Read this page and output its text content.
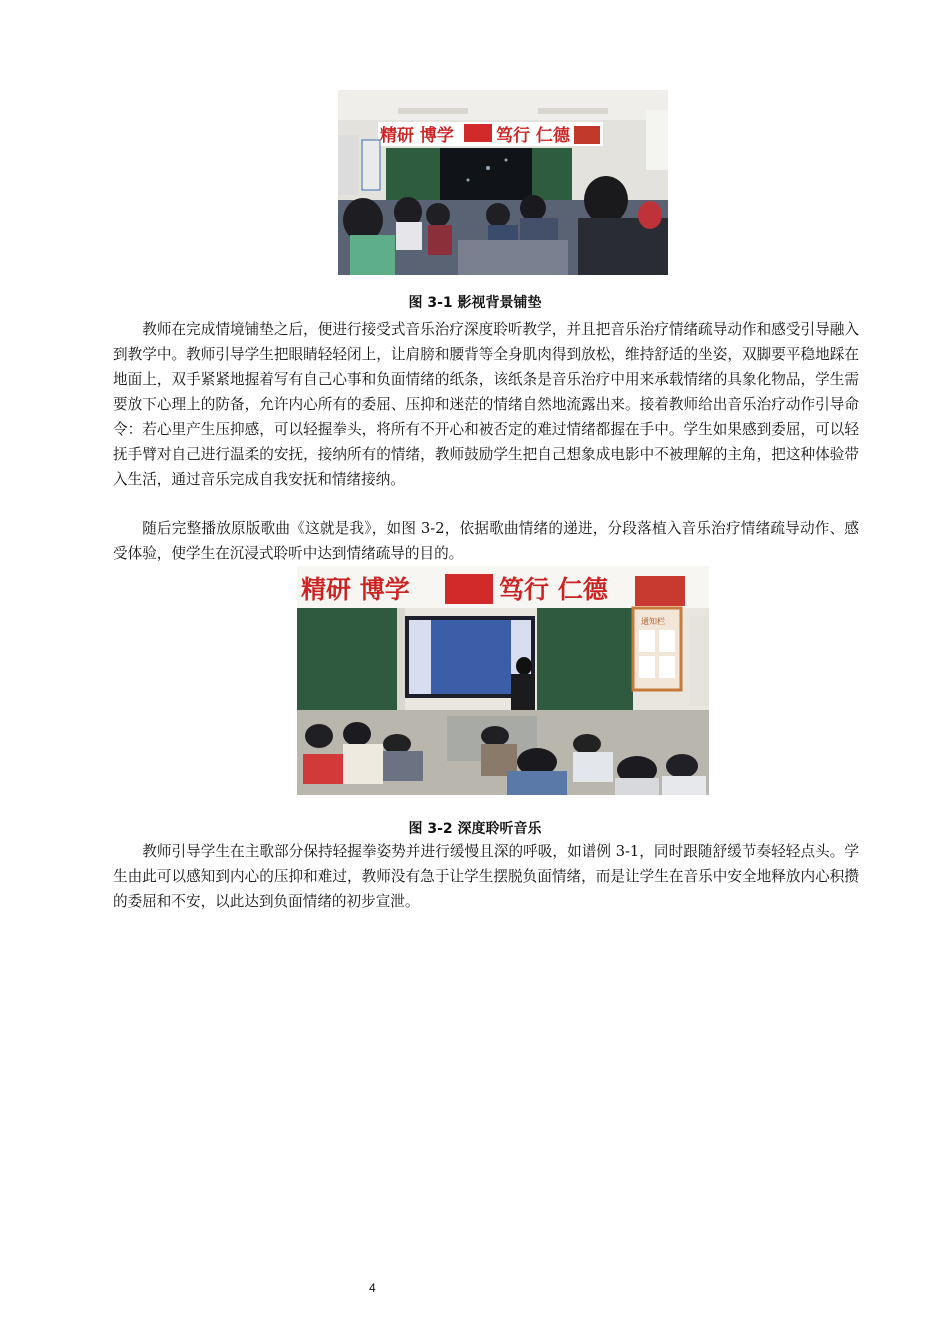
精研 博学 笃行 仁德
图 3-1 影视背景铺垫

教师在完成情境铺垫之后，便进行接受式音乐治疗深度聆听教学，并且把音乐治疗情绪疏导动作和感受引导融入到教学中。教师引导学生把眼睛轻轻闭上，让肩膀和腰背等全身肌肉得到放松，维持舒适的坐姿，双脚要平稳地踩在地面上，双手紧紧地握着写有自己心事和负面情绪的纸条，该纸条是音乐治疗中用来承载情绪的具象化物品，学生需要放下心理上的防备，允许内心所有的委屈、压抑和迷茫的情绪自然地流露出来。接着教师给出音乐治疗动作引导命令：若心里产生压抑感，可以轻握拳头，将所有不开心和被否定的难过情绪都握在手中。学生如果感到委屈，可以轻抚手臂对自己进行温柔的安抚，接纳所有的情绪，教师鼓励学生把自己想象成电影中不被理解的主角，把这种体验带入生活，通过音乐完成自我安抚和情绪接纳。

随后完整播放原版歌曲《这就是我》，如图 3-2，依据歌曲情绪的递进，分段落植入音乐治疗情绪疏导动作、感受体验，使学生在沉浸式聆听中达到情绪疏导的目的。

精研 博学	笃行 仁德
通知栏
图 3-2 深度聆听音乐

教师引导学生在主歌部分保持轻握拳姿势并进行缓慢且深的呼吸，如谱例 3-1，同时跟随舒缓节奏轻轻点头。学生由此可以感知到内心的压抑和难过，教师没有急于让学生摆脱负面情绪，而是让学生在音乐中安全地释放内心积攒的委屈和不安，以此达到负面情绪的初步宣泄。

4
